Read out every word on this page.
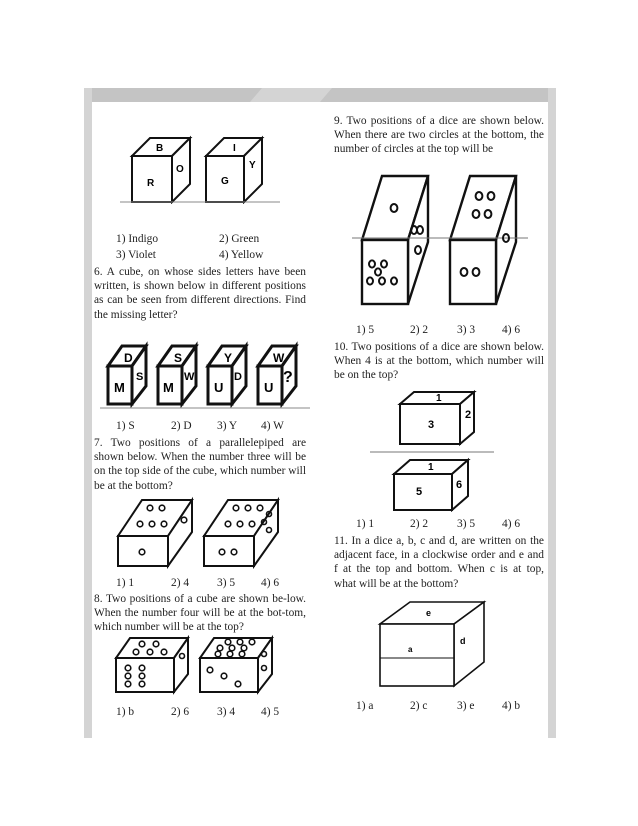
B
O
R
I
Y
G
1) Indigo	2) Green
3) Violet	4) Yellow
6. A cube, on whose sides letters have been written, is shown below in different positions as can be seen from different directions. Find the missing letter?
D
M
S
S
M
W
Y
U
D
W
U
?
1) S	2) D	3) Y	4) W
7. Two positions of a parallelepiped are shown below. When the number three will be on the top side of the cube, which number will be at the bottom?
1) 1	2) 4	3) 5	4) 6
8. Two positions of a cube are shown be-low. When the number four will be at the bot-tom, which number will be at the top?
1) b	2) 6	3) 4	4) 5
9. Two positions of a dice are shown below. When there are two circles at the bottom, the number of circles at the top will be
1) 5	2) 2	3) 3	4) 6
10. Two positions of a dice are shown below. When 4 is at the bottom, which number will be on the top?
1
3
2
1
5
6
1) 1	2) 2	3) 5	4) 6
11. In a dice a, b, c and d, are written on the adjacent face, in a clockwise order and e and f at the top and bottom. When c is at top, what will be at the bottom?
e
d
a
1) a	2) c	3) e	4) b
